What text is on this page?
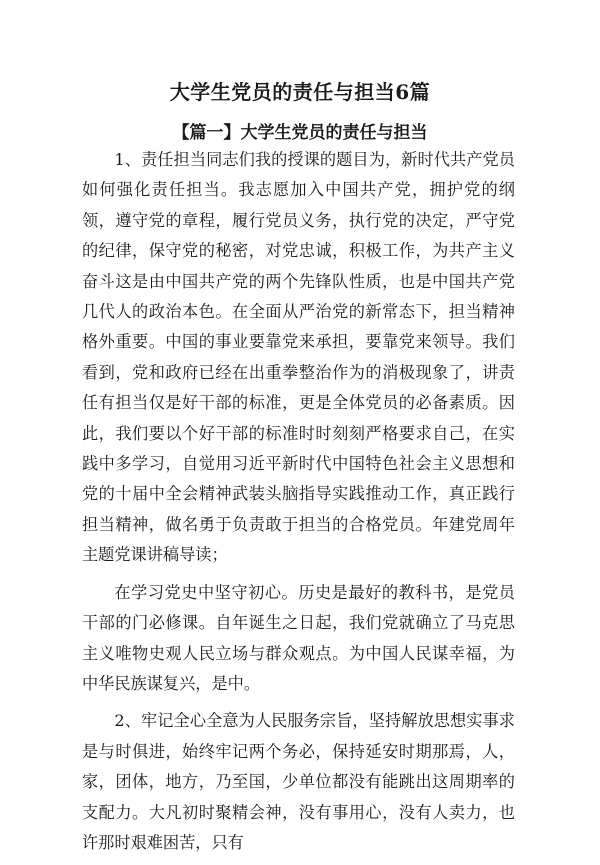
大学生党员的责任与担当6篇
【篇一】大学生党员的责任与担当

1、责任担当同志们我的授课的题目为，新时代共产党员如何强化责任担当。我志愿加入中国共产党，拥护党的纲领，遵守党的章程，履行党员义务，执行党的决定，严守党的纪律，保守党的秘密，对党忠诚，积极工作，为共产主义奋斗这是由中国共产党的两个先锋队性质，也是中国共产党几代人的政治本色。在全面从严治党的新常态下，担当精神格外重要。中国的事业要靠党来承担，要靠党来领导。我们看到，党和政府已经在出重拳整治作为的消极现象了，讲责任有担当仅是好干部的标准，更是全体党员的必备素质。因此，我们要以个好干部的标准时时刻刻严格要求自己，在实践中多学习，自觉用习近平新时代中国特色社会主义思想和党的十届中全会精神武装头脑指导实践推动工作，真正践行担当精神，做名勇于负责敢于担当的合格党员。年建党周年主题党课讲稿导读；

在学习党史中坚守初心。历史是最好的教科书，是党员干部的门必修课。自年诞生之日起，我们党就确立了马克思主义唯物史观人民立场与群众观点。为中国人民谋幸福，为中华民族谋复兴，是中。

2、牢记全心全意为人民服务宗旨，坚持解放思想实事求是与时俱进，始终牢记两个务必，保持延安时期那焉，人，家，团体，地方，乃至国，少单位都没有能跳出这周期率的支配力。大凡初时聚精会神，没有事用心，没有人卖力，也许那时艰难困苦，只有
